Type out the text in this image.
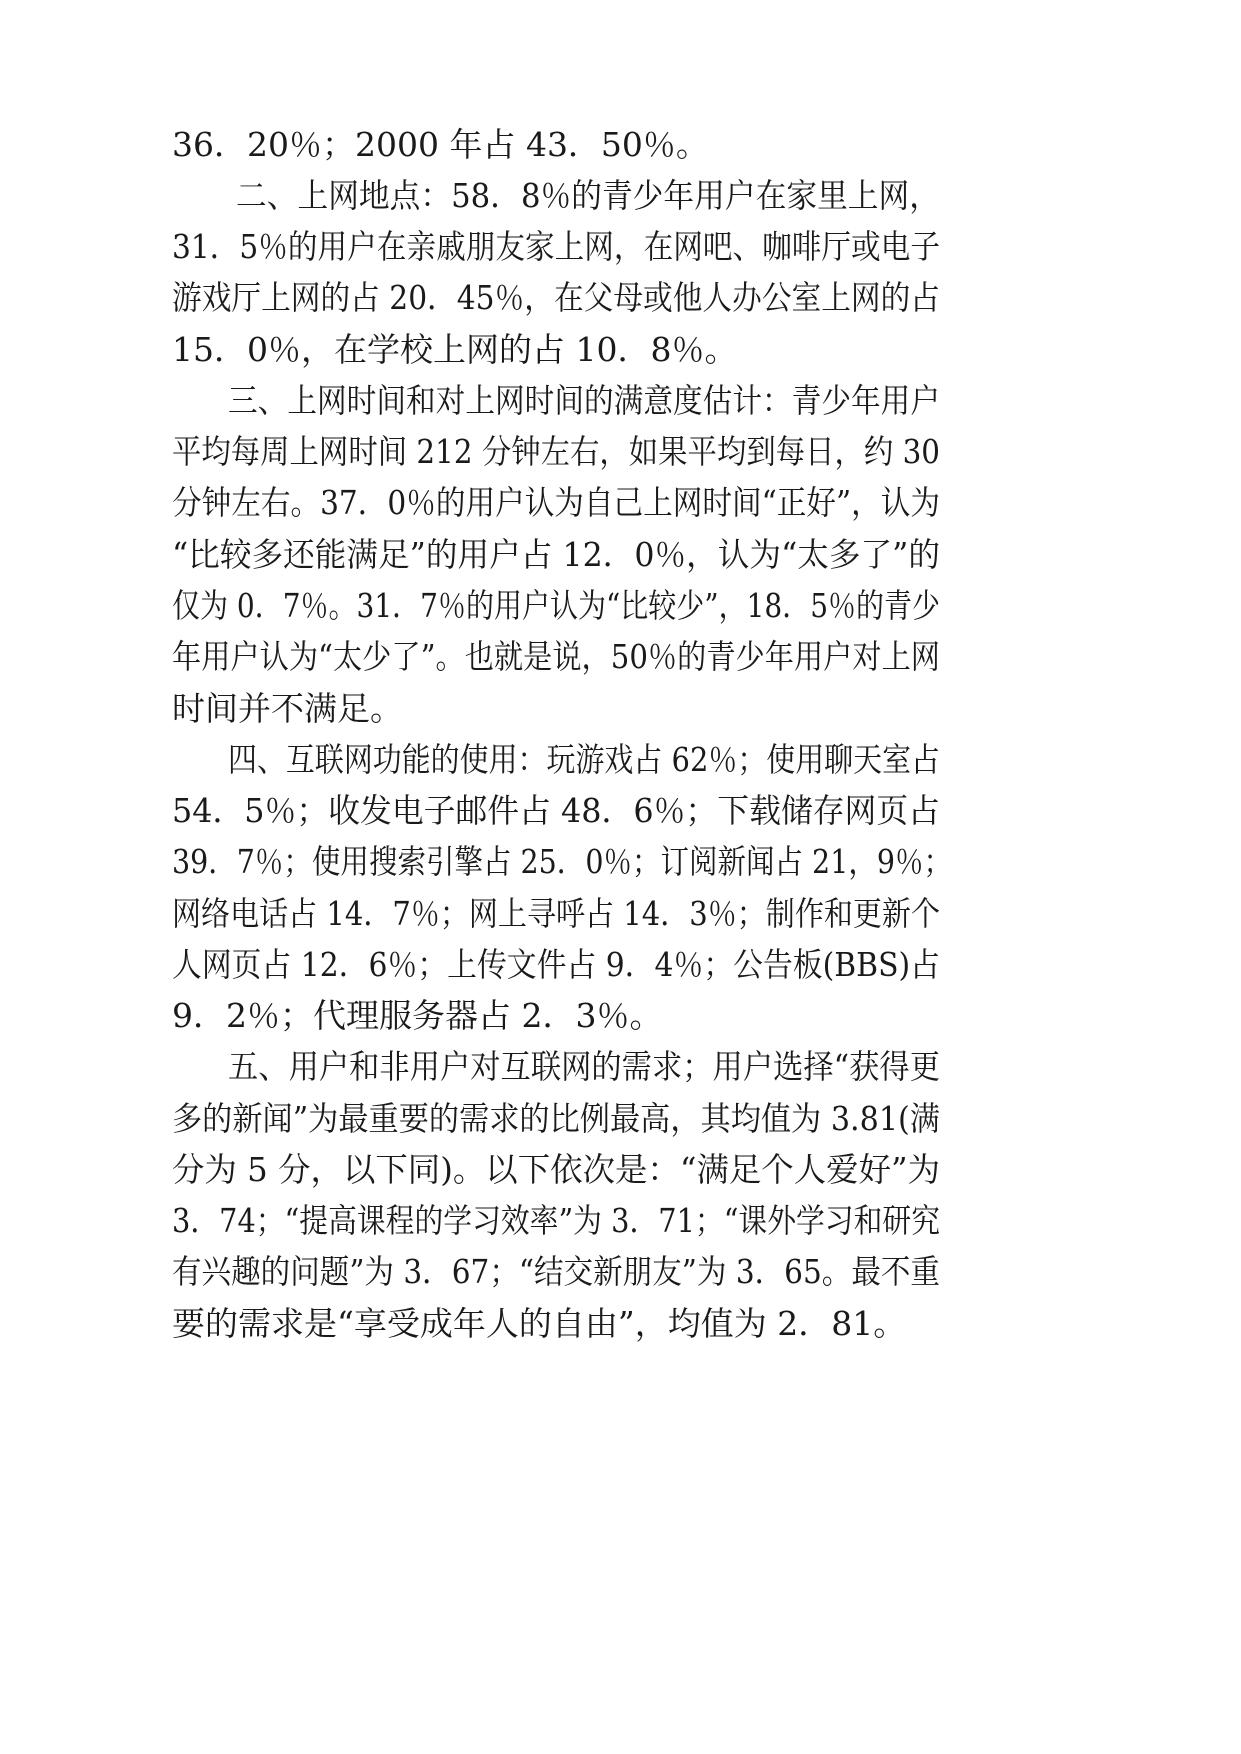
36．20％；2000 年占 43．50％。
二、上网地点：58．8％的青少年用户在家里上网，
31．5％的用户在亲戚朋友家上网，在网吧、咖啡厅或电子
游戏厅上网的占 20．45％，在父母或他人办公室上网的占
15．0％，在学校上网的占 10．8％。
三、上网时间和对上网时间的满意度估计：青少年用户
平均每周上网时间 212 分钟左右，如果平均到每日，约 30
分钟左右。37．0％的用户认为自己上网时间“正好”，认为
“比较多还能满足”的用户占 12．0％，认为“太多了”的
仅为 0．7％。31．7％的用户认为“比较少”，18．5％的青少
年用户认为“太少了”。也就是说，50％的青少年用户对上网
时间并不满足。
四、互联网功能的使用：玩游戏占 62％；使用聊天室占
54．5％；收发电子邮件占 48．6％；下载储存网页占
39．7％；使用搜索引擎占 25．0％；订阅新闻占 21，9％；
网络电话占 14．7％；网上寻呼占 14．3％；制作和更新个
人网页占 12．6％；上传文件占 9．4％；公告板(BBS)占
9．2％；代理服务器占 2．3％。
五、用户和非用户对互联网的需求；用户选择“获得更
多的新闻”为最重要的需求的比例最高，其均值为 3.81(满
分为 5 分，以下同)。以下依次是：“满足个人爱好”为
3．74；“提高课程的学习效率”为 3．71；“课外学习和研究
有兴趣的问题”为 3．67；“结交新朋友”为 3．65。最不重
要的需求是“享受成年人的自由”，均值为 2．81。
